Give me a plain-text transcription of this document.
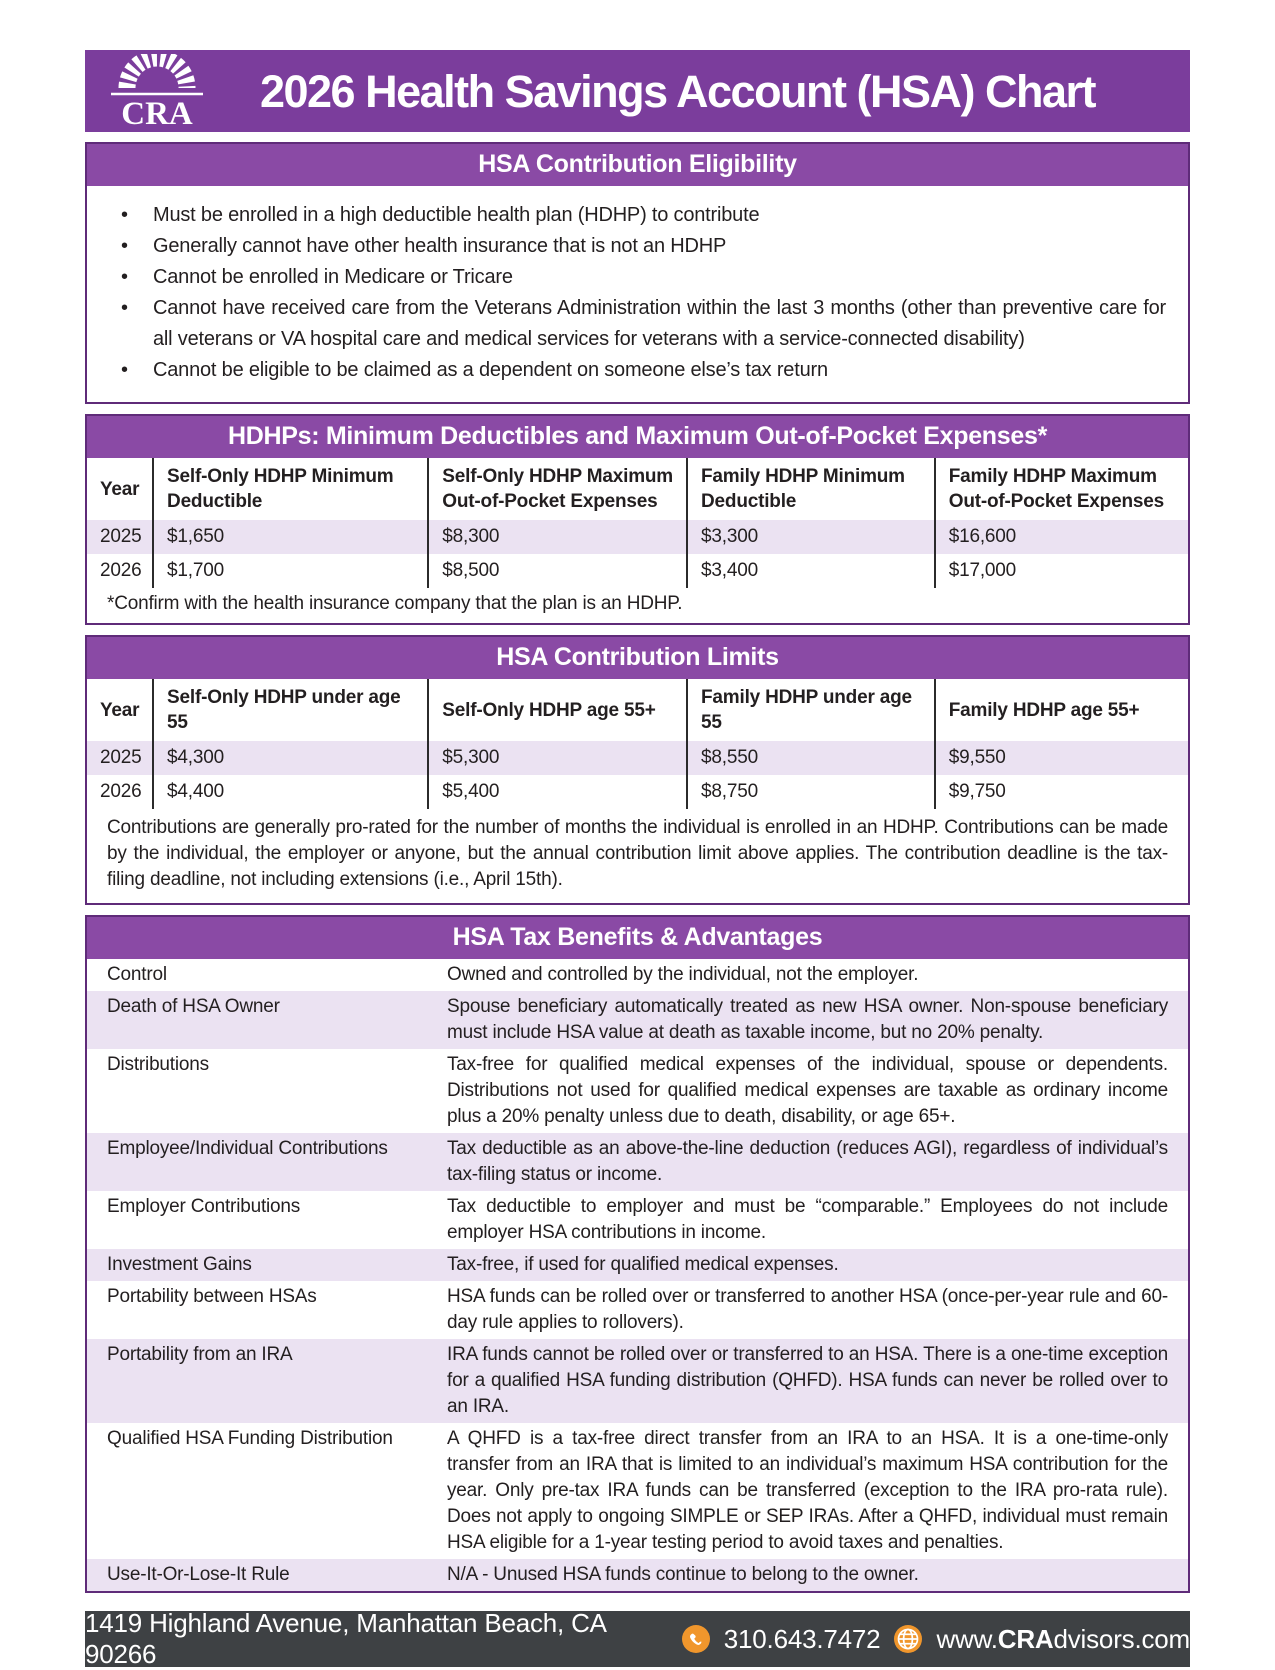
CRA	2026 Health Savings Account (HSA) Chart
HSA Contribution Eligibility
• Must be enrolled in a high deductible health plan (HDHP) to contribute
• Generally cannot have other health insurance that is not an HDHP
• Cannot be enrolled in Medicare or Tricare
• Cannot have received care from the Veterans Administration within the last 3 months (other than preventive care for all veterans or VA hospital care and medical services for veterans with a service-connected disability)
• Cannot be eligible to be claimed as a dependent on someone else’s tax return
HDHPs: Minimum Deductibles and Maximum Out-of-Pocket Expenses*
Year	Self-Only HDHP Minimum Deductible	Self-Only HDHP Maximum Out-of-Pocket Expenses	Family HDHP Minimum Deductible	Family HDHP Maximum Out-of-Pocket Expenses
2025	$1,650	$8,300	$3,300	$16,600
2026	$1,700	$8,500	$3,400	$17,000
*Confirm with the health insurance company that the plan is an HDHP.
HSA Contribution Limits
Year	Self-Only HDHP under age 55	Self-Only HDHP age 55+	Family HDHP under age 55	Family HDHP age 55+
2025	$4,300	$5,300	$8,550	$9,550
2026	$4,400	$5,400	$8,750	$9,750
Contributions are generally pro-rated for the number of months the individual is enrolled in an HDHP. Contributions can be made by the individual, the employer or anyone, but the annual contribution limit above applies. The contribution deadline is the tax-filing deadline, not including extensions (i.e., April 15th).
HSA Tax Benefits & Advantages
Control	Owned and controlled by the individual, not the employer.
Death of HSA Owner	Spouse beneficiary automatically treated as new HSA owner. Non-spouse beneficiary must include HSA value at death as taxable income, but no 20% penalty.
Distributions	Tax-free for qualified medical expenses of the individual, spouse or dependents. Distributions not used for qualified medical expenses are taxable as ordinary income plus a 20% penalty unless due to death, disability, or age 65+.
Employee/Individual Contributions	Tax deductible as an above-the-line deduction (reduces AGI), regardless of individual’s tax-filing status or income.
Employer Contributions	Tax deductible to employer and must be “comparable.” Employees do not include employer HSA contributions in income.
Investment Gains	Tax-free, if used for qualified medical expenses.
Portability between HSAs	HSA funds can be rolled over or transferred to another HSA (once-per-year rule and 60-day rule applies to rollovers).
Portability from an IRA	IRA funds cannot be rolled over or transferred to an HSA. There is a one-time exception for a qualified HSA funding distribution (QHFD). HSA funds can never be rolled over to an IRA.
Qualified HSA Funding Distribution	A QHFD is a tax-free direct transfer from an IRA to an HSA. It is a one-time-only transfer from an IRA that is limited to an individual’s maximum HSA contribution for the year. Only pre-tax IRA funds can be transferred (exception to the IRA pro-rata rule). Does not apply to ongoing SIMPLE or SEP IRAs. After a QHFD, individual must remain HSA eligible for a 1-year testing period to avoid taxes and penalties.
Use-It-Or-Lose-It Rule	N/A - Unused HSA funds continue to belong to the owner.
1419 Highland Avenue, Manhattan Beach, CA 90266
310.643.7472 www.CRAdvisors.com
